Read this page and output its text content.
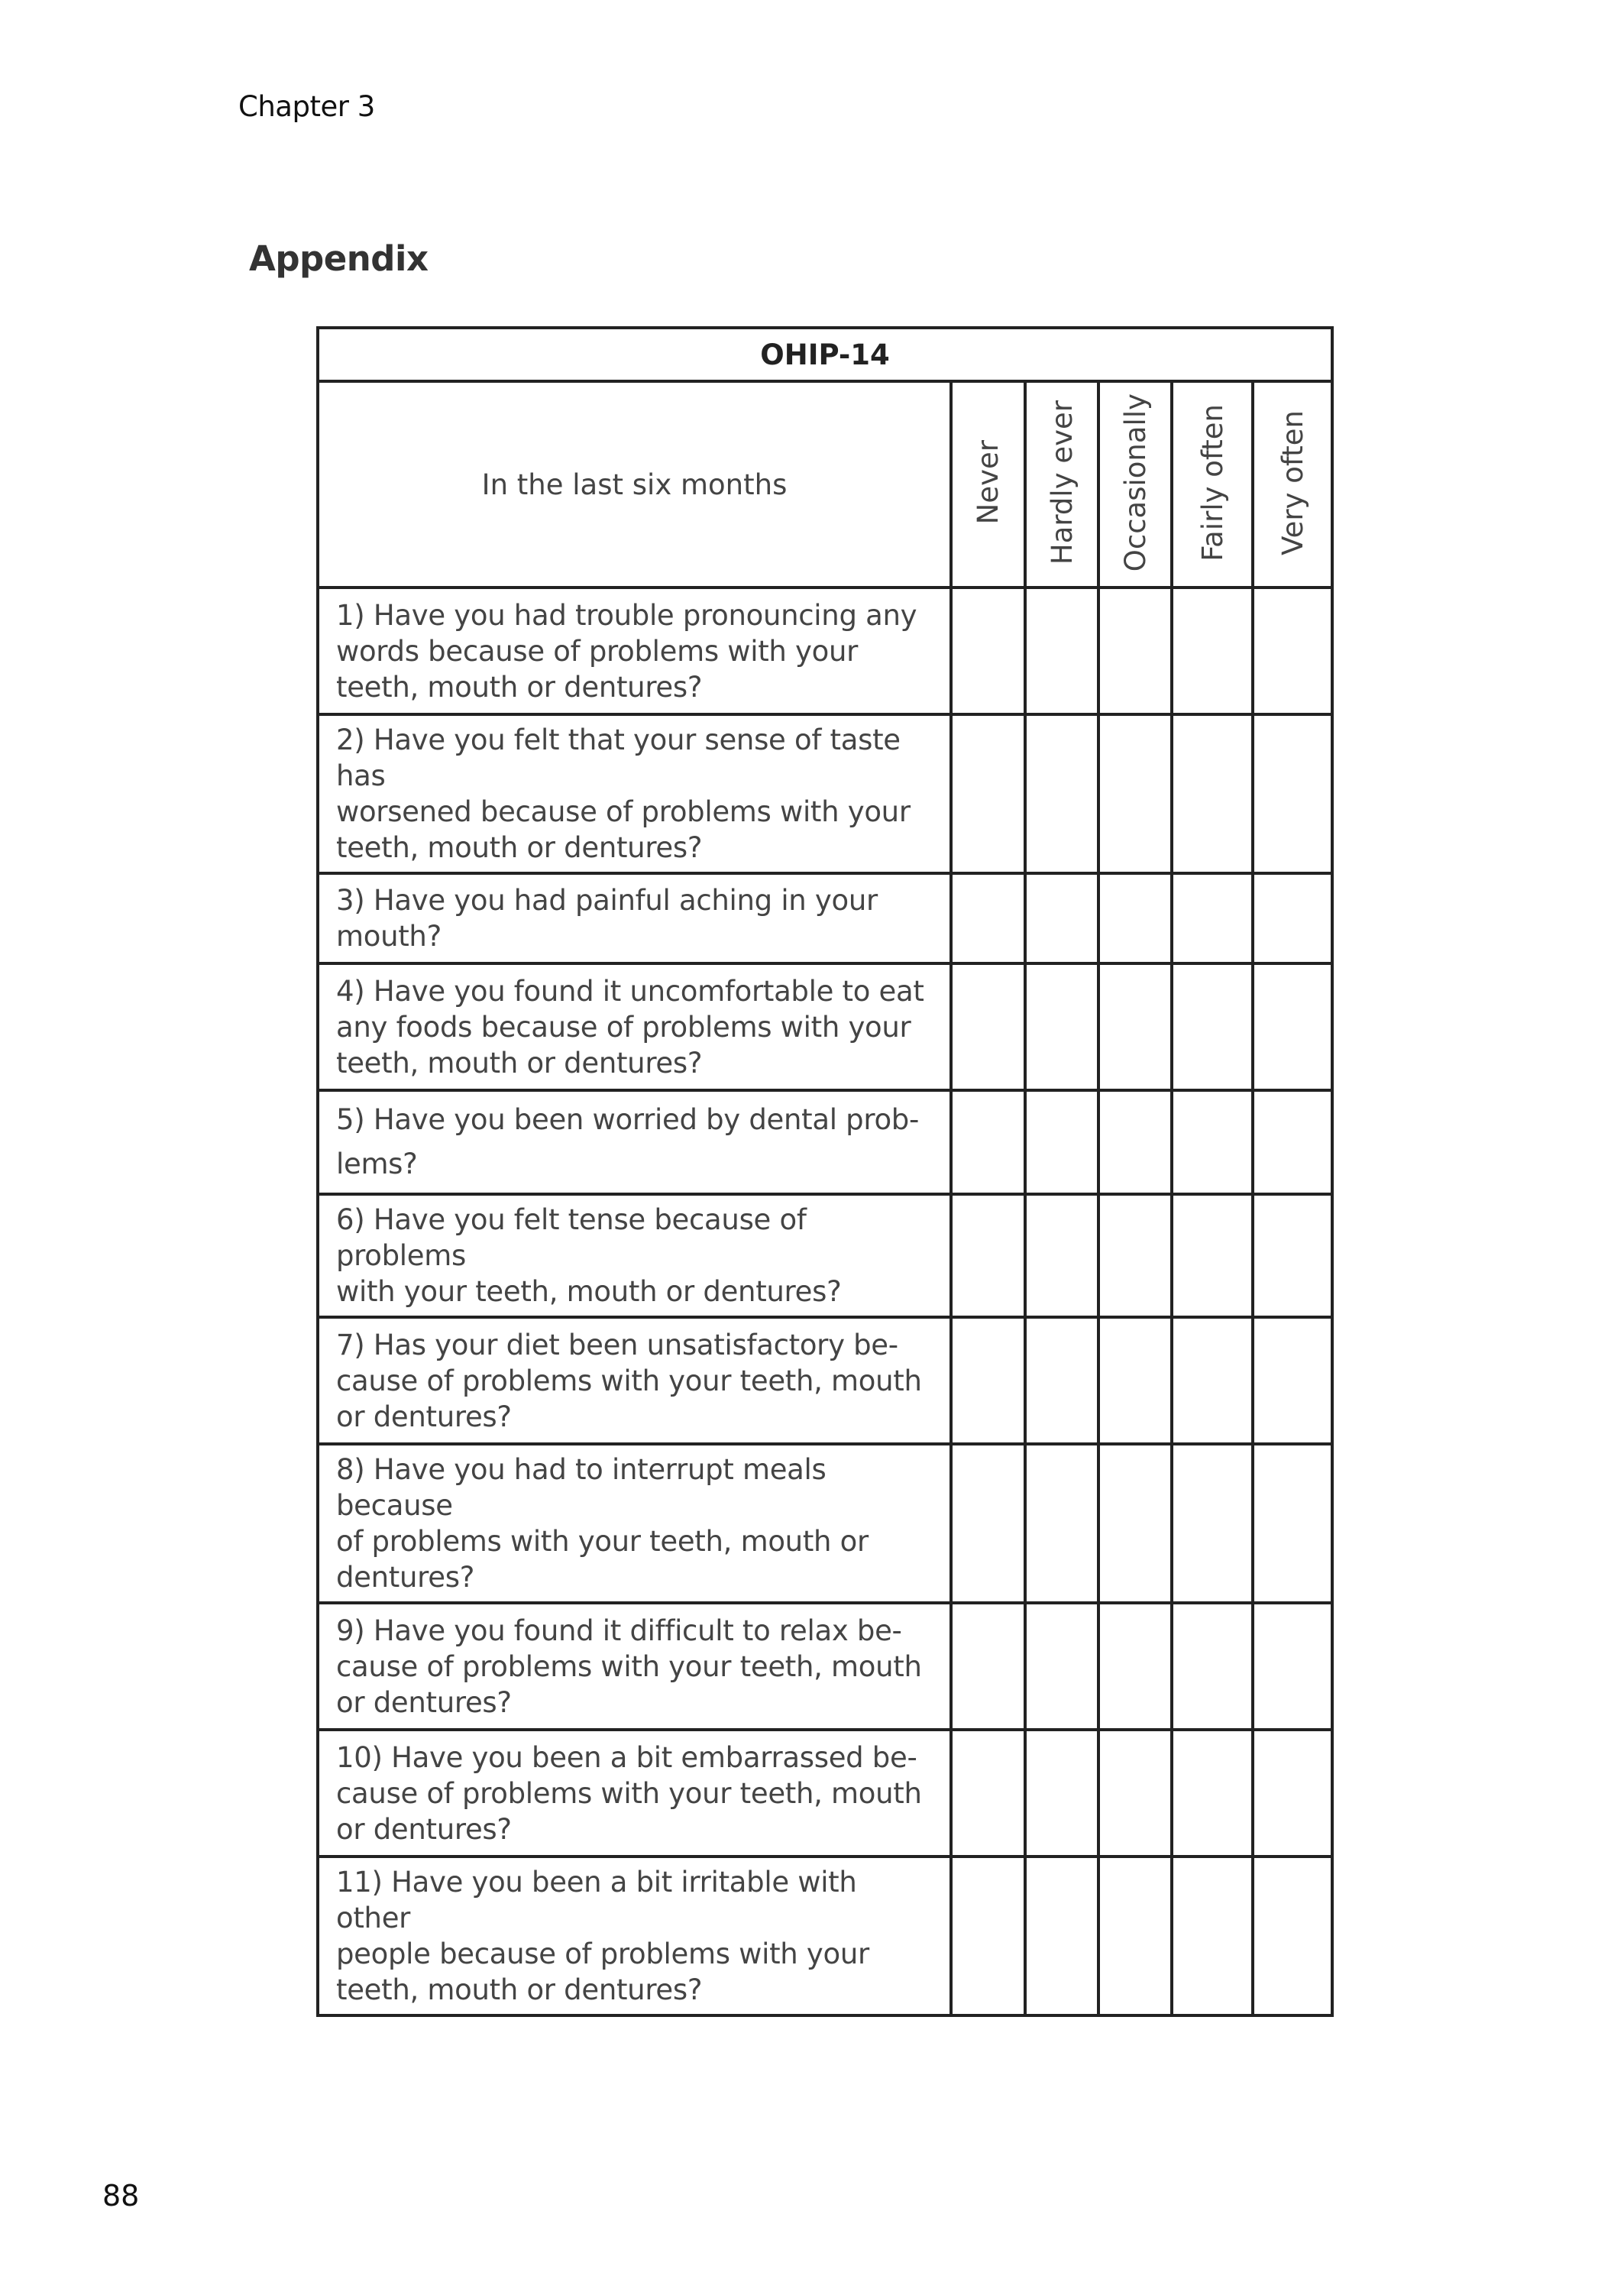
Chapter 3
Appendix
OHIP-14					
In the last six months	Never	Hardly ever	Occasionally	Fairly often	Very often

1) Have you had trouble pronouncing any
words because of problems with your
teeth, mouth or dentures?					

2) Have you felt that your sense of taste has
worsened because of problems with your
teeth, mouth or dentures?					

3) Have you had painful aching in your
mouth?					

4) Have you found it uncomfortable to eat
any foods because of problems with your
teeth, mouth or dentures?					

5) Have you been worried by dental prob-
lems?					

6) Have you felt tense because of problems
with your teeth, mouth or dentures?					

7) Has your diet been unsatisfactory be-
cause of problems with your teeth, mouth
or dentures?					

8) Have you had to interrupt meals because
of problems with your teeth, mouth or
dentures?					

9) Have you found it difficult to relax be-
cause of problems with your teeth, mouth
or dentures?					

10) Have you been a bit embarrassed be-
cause of problems with your teeth, mouth
or dentures?					

11) Have you been a bit irritable with other
people because of problems with your
teeth, mouth or dentures?					

88
